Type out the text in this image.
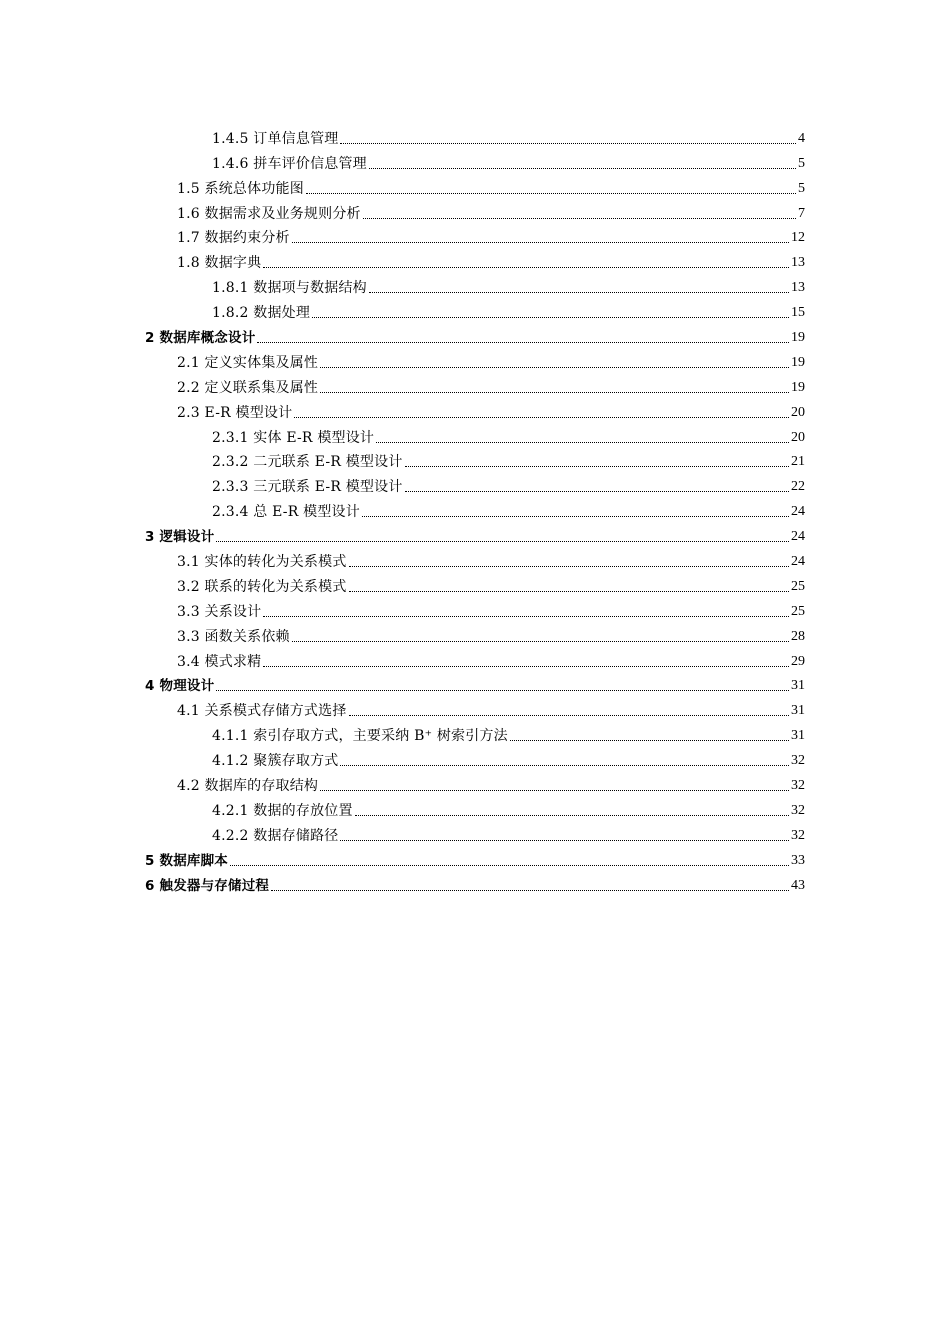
1.4.5 订单信息管理	4
1.4.6 拼车评价信息管理	5
1.5 系统总体功能图	5
1.6 数据需求及业务规则分析	7
1.7 数据约束分析	12
1.8 数据字典	13
1.8.1 数据项与数据结构	13
1.8.2 数据处理	15
2 数据库概念设计	19
2.1 定义实体集及属性	19
2.2 定义联系集及属性	19
2.3 E-R 模型设计	20
2.3.1 实体 E-R 模型设计	20
2.3.2 二元联系 E-R 模型设计	21
2.3.3 三元联系 E-R 模型设计	22
2.3.4 总 E-R 模型设计	24
3 逻辑设计	24
3.1 实体的转化为关系模式	24
3.2 联系的转化为关系模式	25
3.3 关系设计	25
3.3 函数关系依赖	28
3.4 模式求精	29
4 物理设计	31
4.1 关系模式存储方式选择	31
4.1.1 索引存取方式，主要采纳 B⁺ 树索引方法	31
4.1.2 聚簇存取方式	32
4.2 数据库的存取结构	32
4.2.1 数据的存放位置	32
4.2.2 数据存储路径	32
5 数据库脚本	33
6 触发器与存储过程	43
